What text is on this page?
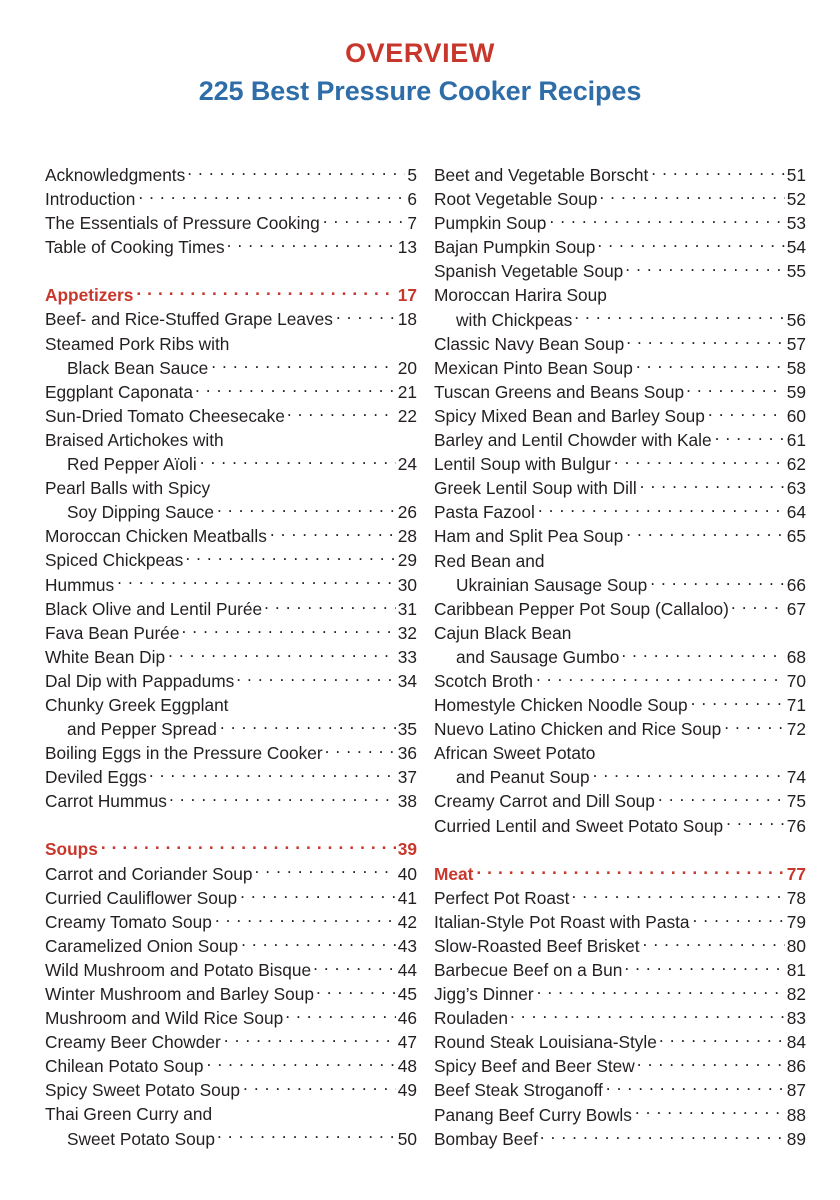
OVERVIEW
225 Best Pressure Cooker Recipes
Acknowledgments . . .	5
Introduction . . .	6
The Essentials of Pressure Cooking . . .	7
Table of Cooking Times . . .	13
Appetizers . . .	17
Beef- and Rice-Stuffed Grape Leaves . . .	18
Steamed Pork Ribs with
Black Bean Sauce . . .	20
Eggplant Caponata . . .	21
Sun-Dried Tomato Cheesecake . . .	22
Braised Artichokes with
Red Pepper Aïoli . . .	24
Pearl Balls with Spicy
Soy Dipping Sauce . . .	26
Moroccan Chicken Meatballs . . .	28
Spiced Chickpeas . . .	29
Hummus . . .	30
Black Olive and Lentil Purée . . .	31
Fava Bean Purée . . .	32
White Bean Dip . . .	33
Dal Dip with Pappadums . . .	34
Chunky Greek Eggplant
and Pepper Spread . . .	35
Boiling Eggs in the Pressure Cooker . . .	36
Deviled Eggs . . .	37
Carrot Hummus . . .	38
Soups . . .	39
Carrot and Coriander Soup . . .	40
Curried Cauliflower Soup . . .	41
Creamy Tomato Soup . . .	42
Caramelized Onion Soup . . .	43
Wild Mushroom and Potato Bisque . . .	44
Winter Mushroom and Barley Soup . . .	45
Mushroom and Wild Rice Soup . . .	46
Creamy Beer Chowder . . .	47
Chilean Potato Soup . . .	48
Spicy Sweet Potato Soup . . .	49
Thai Green Curry and
Sweet Potato Soup . . .	50
Beet and Vegetable Borscht . . .	51
Root Vegetable Soup . . .	52
Pumpkin Soup . . .	53
Bajan Pumpkin Soup . . .	54
Spanish Vegetable Soup . . .	55
Moroccan Harira Soup
with Chickpeas . . .	56
Classic Navy Bean Soup . . .	57
Mexican Pinto Bean Soup . . .	58
Tuscan Greens and Beans Soup . . .	59
Spicy Mixed Bean and Barley Soup . . .	60
Barley and Lentil Chowder with Kale . . .	61
Lentil Soup with Bulgur . . .	62
Greek Lentil Soup with Dill . . .	63
Pasta Fazool . . .	64
Ham and Split Pea Soup . . .	65
Red Bean and
Ukrainian Sausage Soup . . .	66
Caribbean Pepper Pot Soup (Callaloo) . . .	67
Cajun Black Bean
and Sausage Gumbo . . .	68
Scotch Broth . . .	70
Homestyle Chicken Noodle Soup . . .	71
Nuevo Latino Chicken and Rice Soup . . .	72
African Sweet Potato
and Peanut Soup . . .	74
Creamy Carrot and Dill Soup . . .	75
Curried Lentil and Sweet Potato Soup . . .	76
Meat . . .	77
Perfect Pot Roast . . .	78
Italian-Style Pot Roast with Pasta . . .	79
Slow-Roasted Beef Brisket . . .	80
Barbecue Beef on a Bun . . .	81
Jigg’s Dinner . . .	82
Rouladen . . .	83
Round Steak Louisiana-Style . . .	84
Spicy Beef and Beer Stew . . .	86
Beef Steak Stroganoff . . .	87
Panang Beef Curry Bowls . . .	88
Bombay Beef . . .	89
